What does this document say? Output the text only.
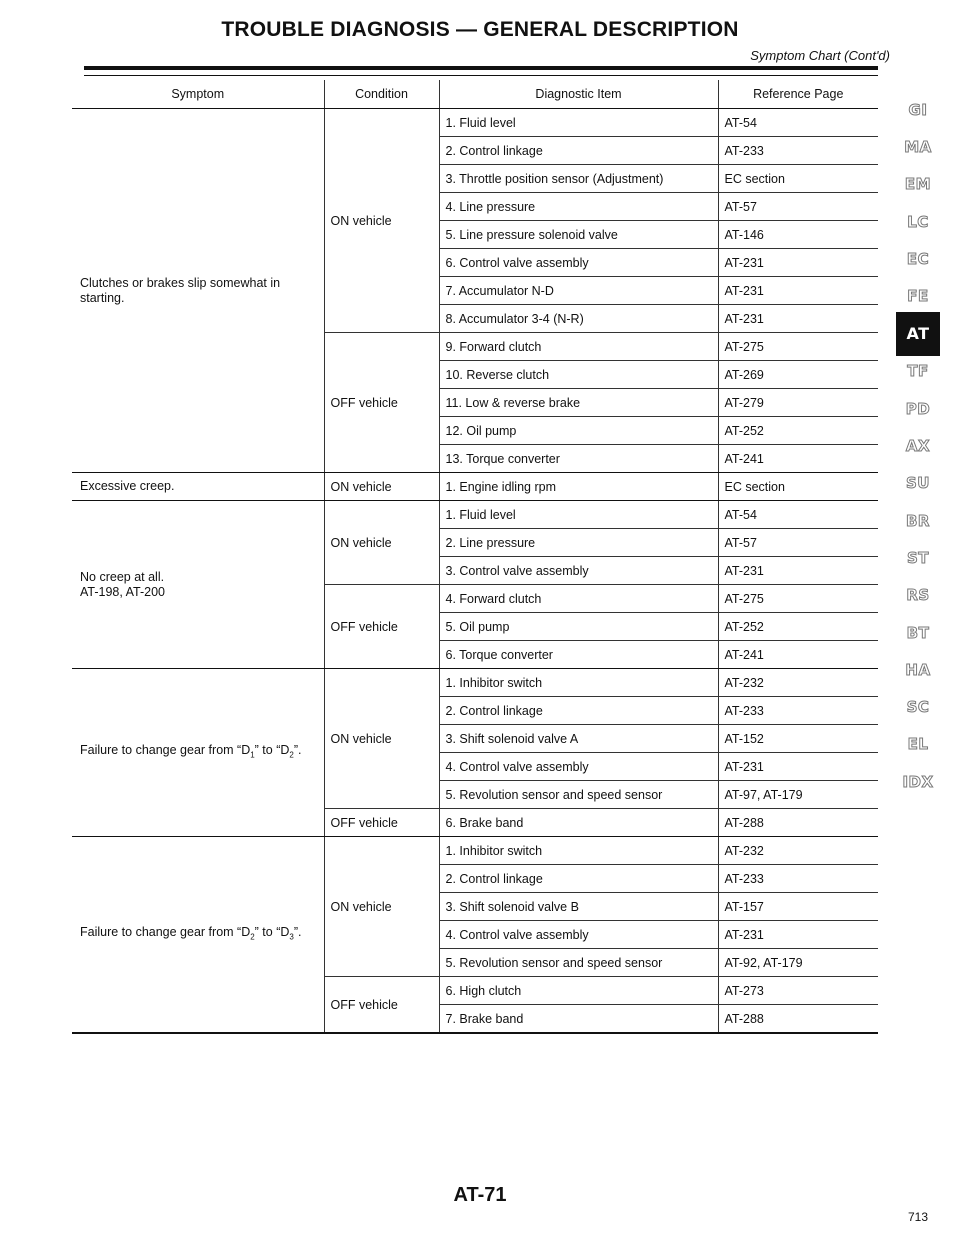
TROUBLE DIAGNOSIS — GENERAL DESCRIPTION
Symptom Chart (Cont'd)
Symptom	Condition	Diagnostic Item	Reference Page
Clutches or brakes slip somewhat in starting.	ON vehicle	1. Fluid level	AT-54
		2. Control linkage	AT-233
		3. Throttle position sensor (Adjustment)	EC section
		4. Line pressure	AT-57
		5. Line pressure solenoid valve	AT-146
		6. Control valve assembly	AT-231
		7. Accumulator N-D	AT-231
		8. Accumulator 3-4 (N-R)	AT-231
	OFF vehicle	9. Forward clutch	AT-275
		10. Reverse clutch	AT-269
		11. Low & reverse brake	AT-279
		12. Oil pump	AT-252
		13. Torque converter	AT-241
Excessive creep.	ON vehicle	1. Engine idling rpm	EC section

No creep at all.
AT-198, AT-200	ON vehicle	1. Fluid level	AT-54
		2. Line pressure	AT-57
		3. Control valve assembly	AT-231
	OFF vehicle	4. Forward clutch	AT-275
		5. Oil pump	AT-252
		6. Torque converter	AT-241
Failure to change gear from “$D_1$” to “$D_2$”.	ON vehicle	1. Inhibitor switch	AT-232
		2. Control linkage	AT-233
		3. Shift solenoid valve A	AT-152
		4. Control valve assembly	AT-231
		5. Revolution sensor and speed sensor	AT-97, AT-179
	OFF vehicle	6. Brake band	AT-288
Failure to change gear from “$D_2$” to “$D_3$”.	ON vehicle	1. Inhibitor switch	AT-232
		2. Control linkage	AT-233
		3. Shift solenoid valve B	AT-157
		4. Control valve assembly	AT-231
		5. Revolution sensor and speed sensor	AT-92, AT-179
	OFF vehicle	6. High clutch	AT-273
		7. Brake band	AT-288
GI
MA
EM
LC
EC
FE
AT
TF
PD
AX
SU
BR
ST
RS
BT
HA
SC
EL
IDX
AT-71
713
